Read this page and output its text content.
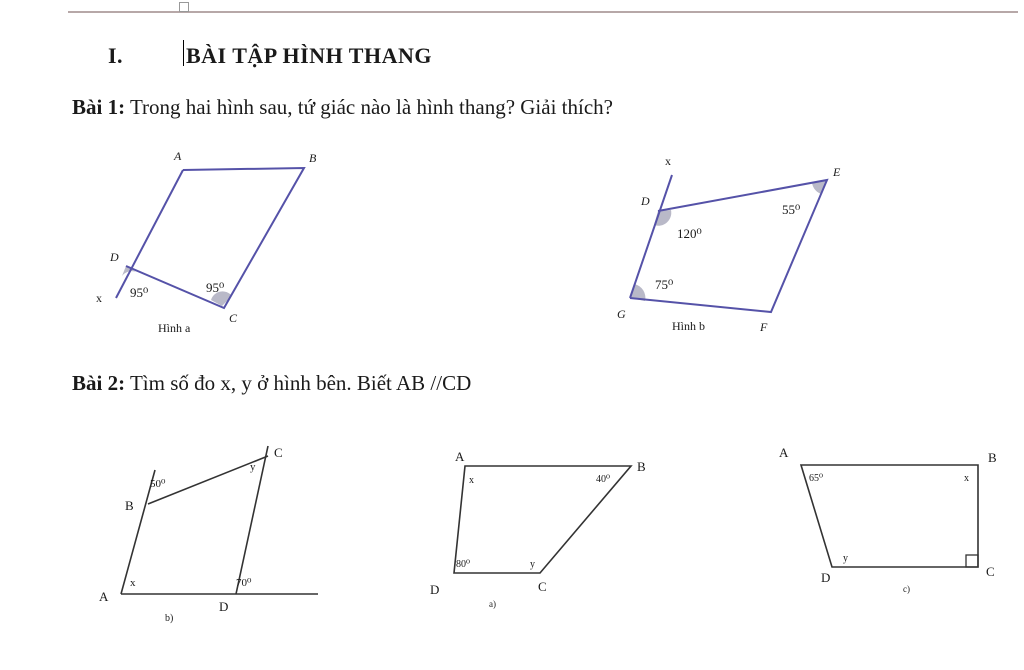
I.	BÀI TẬP HÌNH THANG
Bài 1: Trong hai hình sau, tứ giác nào là hình thang? Giải thích?
Bài 2: Tìm số đo x, y ở hình bên. Biết AB //CD
A	B
C
D
x 95⁰	95⁰
Hình a
x
E
D
G
F
55⁰
120⁰
75⁰
Hình b
C
B
A
D
50⁰
y
x	70⁰
b)
A
B
D	C
x	40⁰
80⁰	y
a)
A	B
C
D
65⁰	x
y
c)
